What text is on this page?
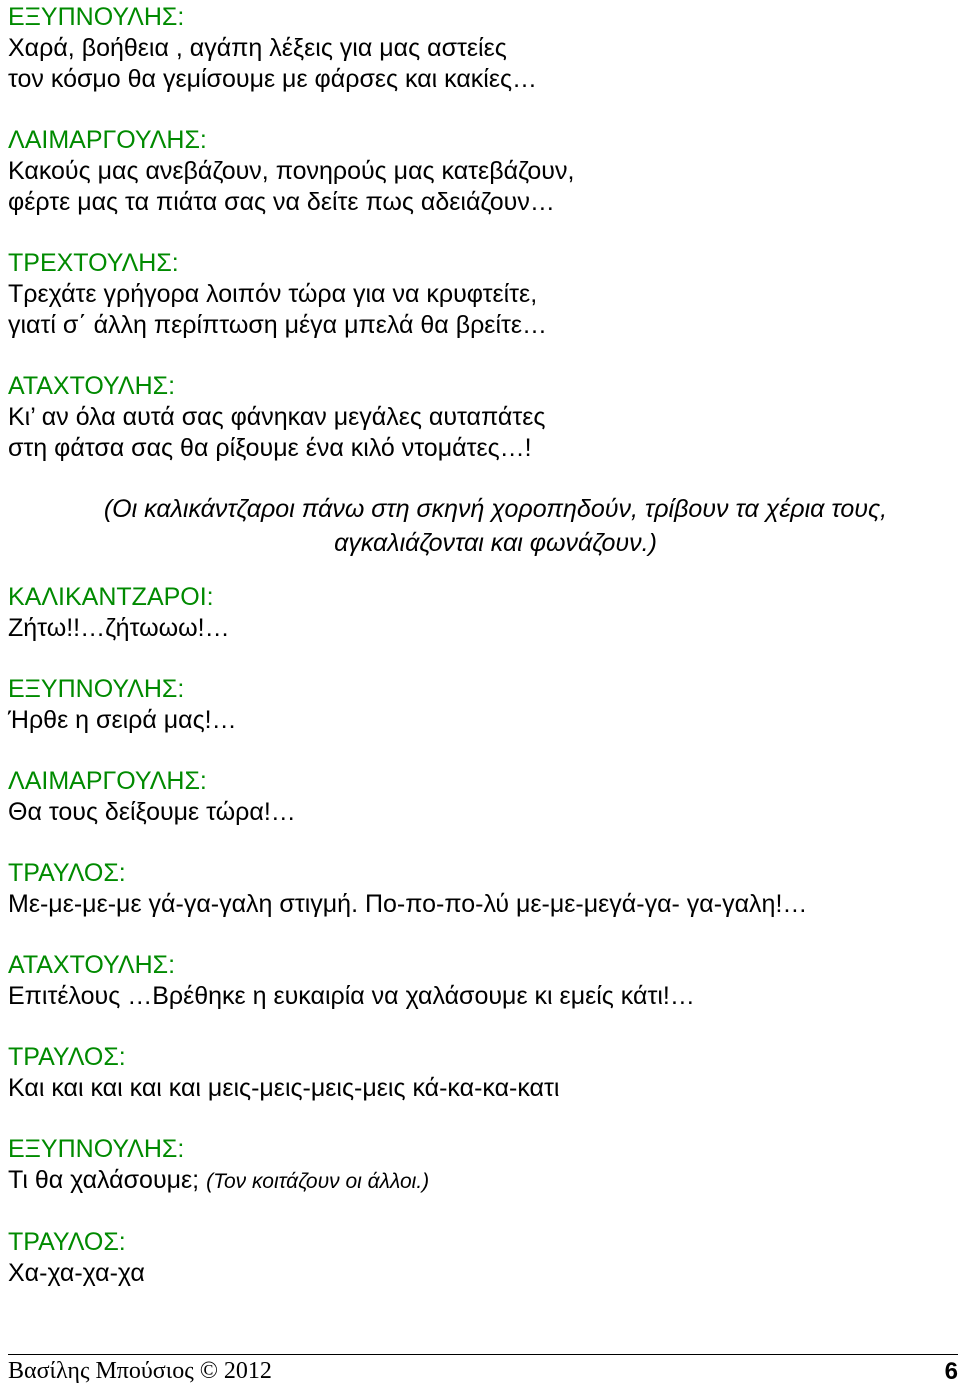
ΕΞΥΠΝΟΥΛΗΣ:
Χαρά, βοήθεια , αγάπη λέξεις για μας αστείες
τον κόσμο θα γεμίσουμε με φάρσες και κακίες…
ΛΑΙΜΑΡΓΟΥΛΗΣ:
Κακούς μας ανεβάζουν, πονηρούς μας κατεβάζουν,
φέρτε μας τα πιάτα σας να δείτε πως αδειάζουν…
ΤΡΕΧΤΟΥΛΗΣ:
Τρεχάτε γρήγορα λοιπόν τώρα για να κρυφτείτε,
γιατί σ΄ άλλη περίπτωση μέγα μπελά θα βρείτε…
ΑΤΑΧΤΟΥΛΗΣ:
Κι’ αν όλα αυτά σας φάνηκαν μεγάλες αυταπάτες
στη φάτσα σας θα ρίξουμε ένα κιλό ντομάτες…!
(Οι καλικάντζαροι πάνω στη σκηνή χοροπηδούν, τρίβουν τα χέρια τους,
αγκαλιάζονται και φωνάζουν.)
ΚΑΛΙΚΑΝΤΖΑΡΟΙ:
Ζήτω!!…ζήτωωω!…
ΕΞΥΠΝΟΥΛΗΣ:
Ήρθε η σειρά μας!…
ΛΑΙΜΑΡΓΟΥΛΗΣ:
Θα τους δείξουμε τώρα!…
ΤΡΑΥΛΟΣ:
Με-με-με-με γά-γα-γαλη στιγμή. Πο-πο-πο-λύ με-με-μεγά-γα- γα-γαλη!…
ΑΤΑΧΤΟΥΛΗΣ:
Επιτέλους …Βρέθηκε η ευκαιρία να χαλάσουμε κι εμείς κάτι!…
ΤΡΑΥΛΟΣ:
Και και και και και μεις-μεις-μεις-μεις κά-κα-κα-κατι
ΕΞΥΠΝΟΥΛΗΣ:
Τι θα χαλάσουμε; (Τον κοιτάζουν οι άλλοι.)
ΤΡΑΥΛΟΣ:
Χα-χα-χα-χα
Βασίλης Μπούσιος © 2012	6
